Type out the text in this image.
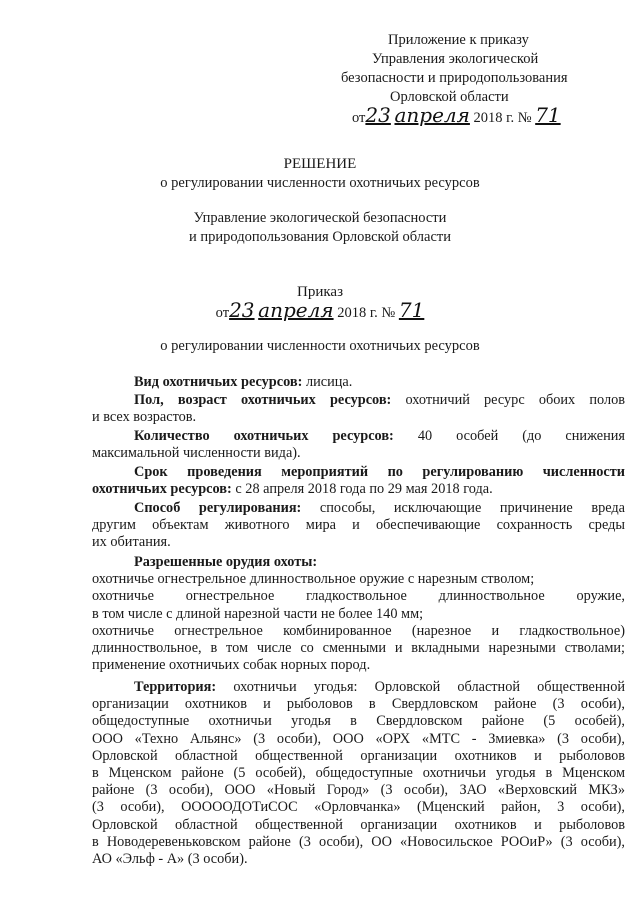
Приложение к приказу
Управления экологической
безопасности и природопользования
Орловской области
от23 апреля 2018 г. № 71
РЕШЕНИЕ
о регулировании численности охотничьих ресурсов
Управление экологической безопасности
и природопользования Орловской области
Приказ
от23 апреля 2018 г. № 71
о регулировании численности охотничьих ресурсов
Вид охотничьих ресурсов: лисица.
Пол, возраст охотничьих ресурсов: охотничий ресурс обоих полов
и всех возрастов.
Количество охотничьих ресурсов: 40 особей (до снижения
максимальной численности вида).
Срок проведения мероприятий по регулированию численности
охотничьих ресурсов: с 28 апреля 2018 года по 29 мая 2018 года.
Способ регулирования: способы, исключающие причинение вреда
другим объектам животного мира и обеспечивающие сохранность среды
их обитания.
Разрешенные орудия охоты:
охотничье огнестрельное длинноствольное оружие с нарезным стволом;
охотничье огнестрельное гладкоствольное длинноствольное оружие,
в том числе с длиной нарезной части не более 140 мм;
охотничье огнестрельное комбинированное (нарезное и гладкоствольное)
длинноствольное, в том числе со сменными и вкладными нарезными стволами;
применение охотничьих собак норных пород.
Территория: охотничьи угодья: Орловской областной общественной
организации охотников и рыболовов в Свердловском районе (3 особи),
общедоступные охотничьи угодья в Свердловском районе (5 особей),
ООО «Техно Альянс» (3 особи), ООО «ОРХ «МТС - Змиевка» (3 особи),
Орловской областной общественной организации охотников и рыболовов
в Мценском районе (5 особей), общедоступные охотничьи угодья в Мценском
районе (3 особи), ООО «Новый Город» (3 особи), ЗАО «Верховский МКЗ»
(3 особи), ОООООДОТиСОС «Орловчанка» (Мценский район, 3 особи),
Орловской областной общественной организации охотников и рыболовов
в Новодеревеньковском районе (3 особи), ОО «Новосильское РООиР» (3 особи),
АО «Эльф - А» (3 особи).
